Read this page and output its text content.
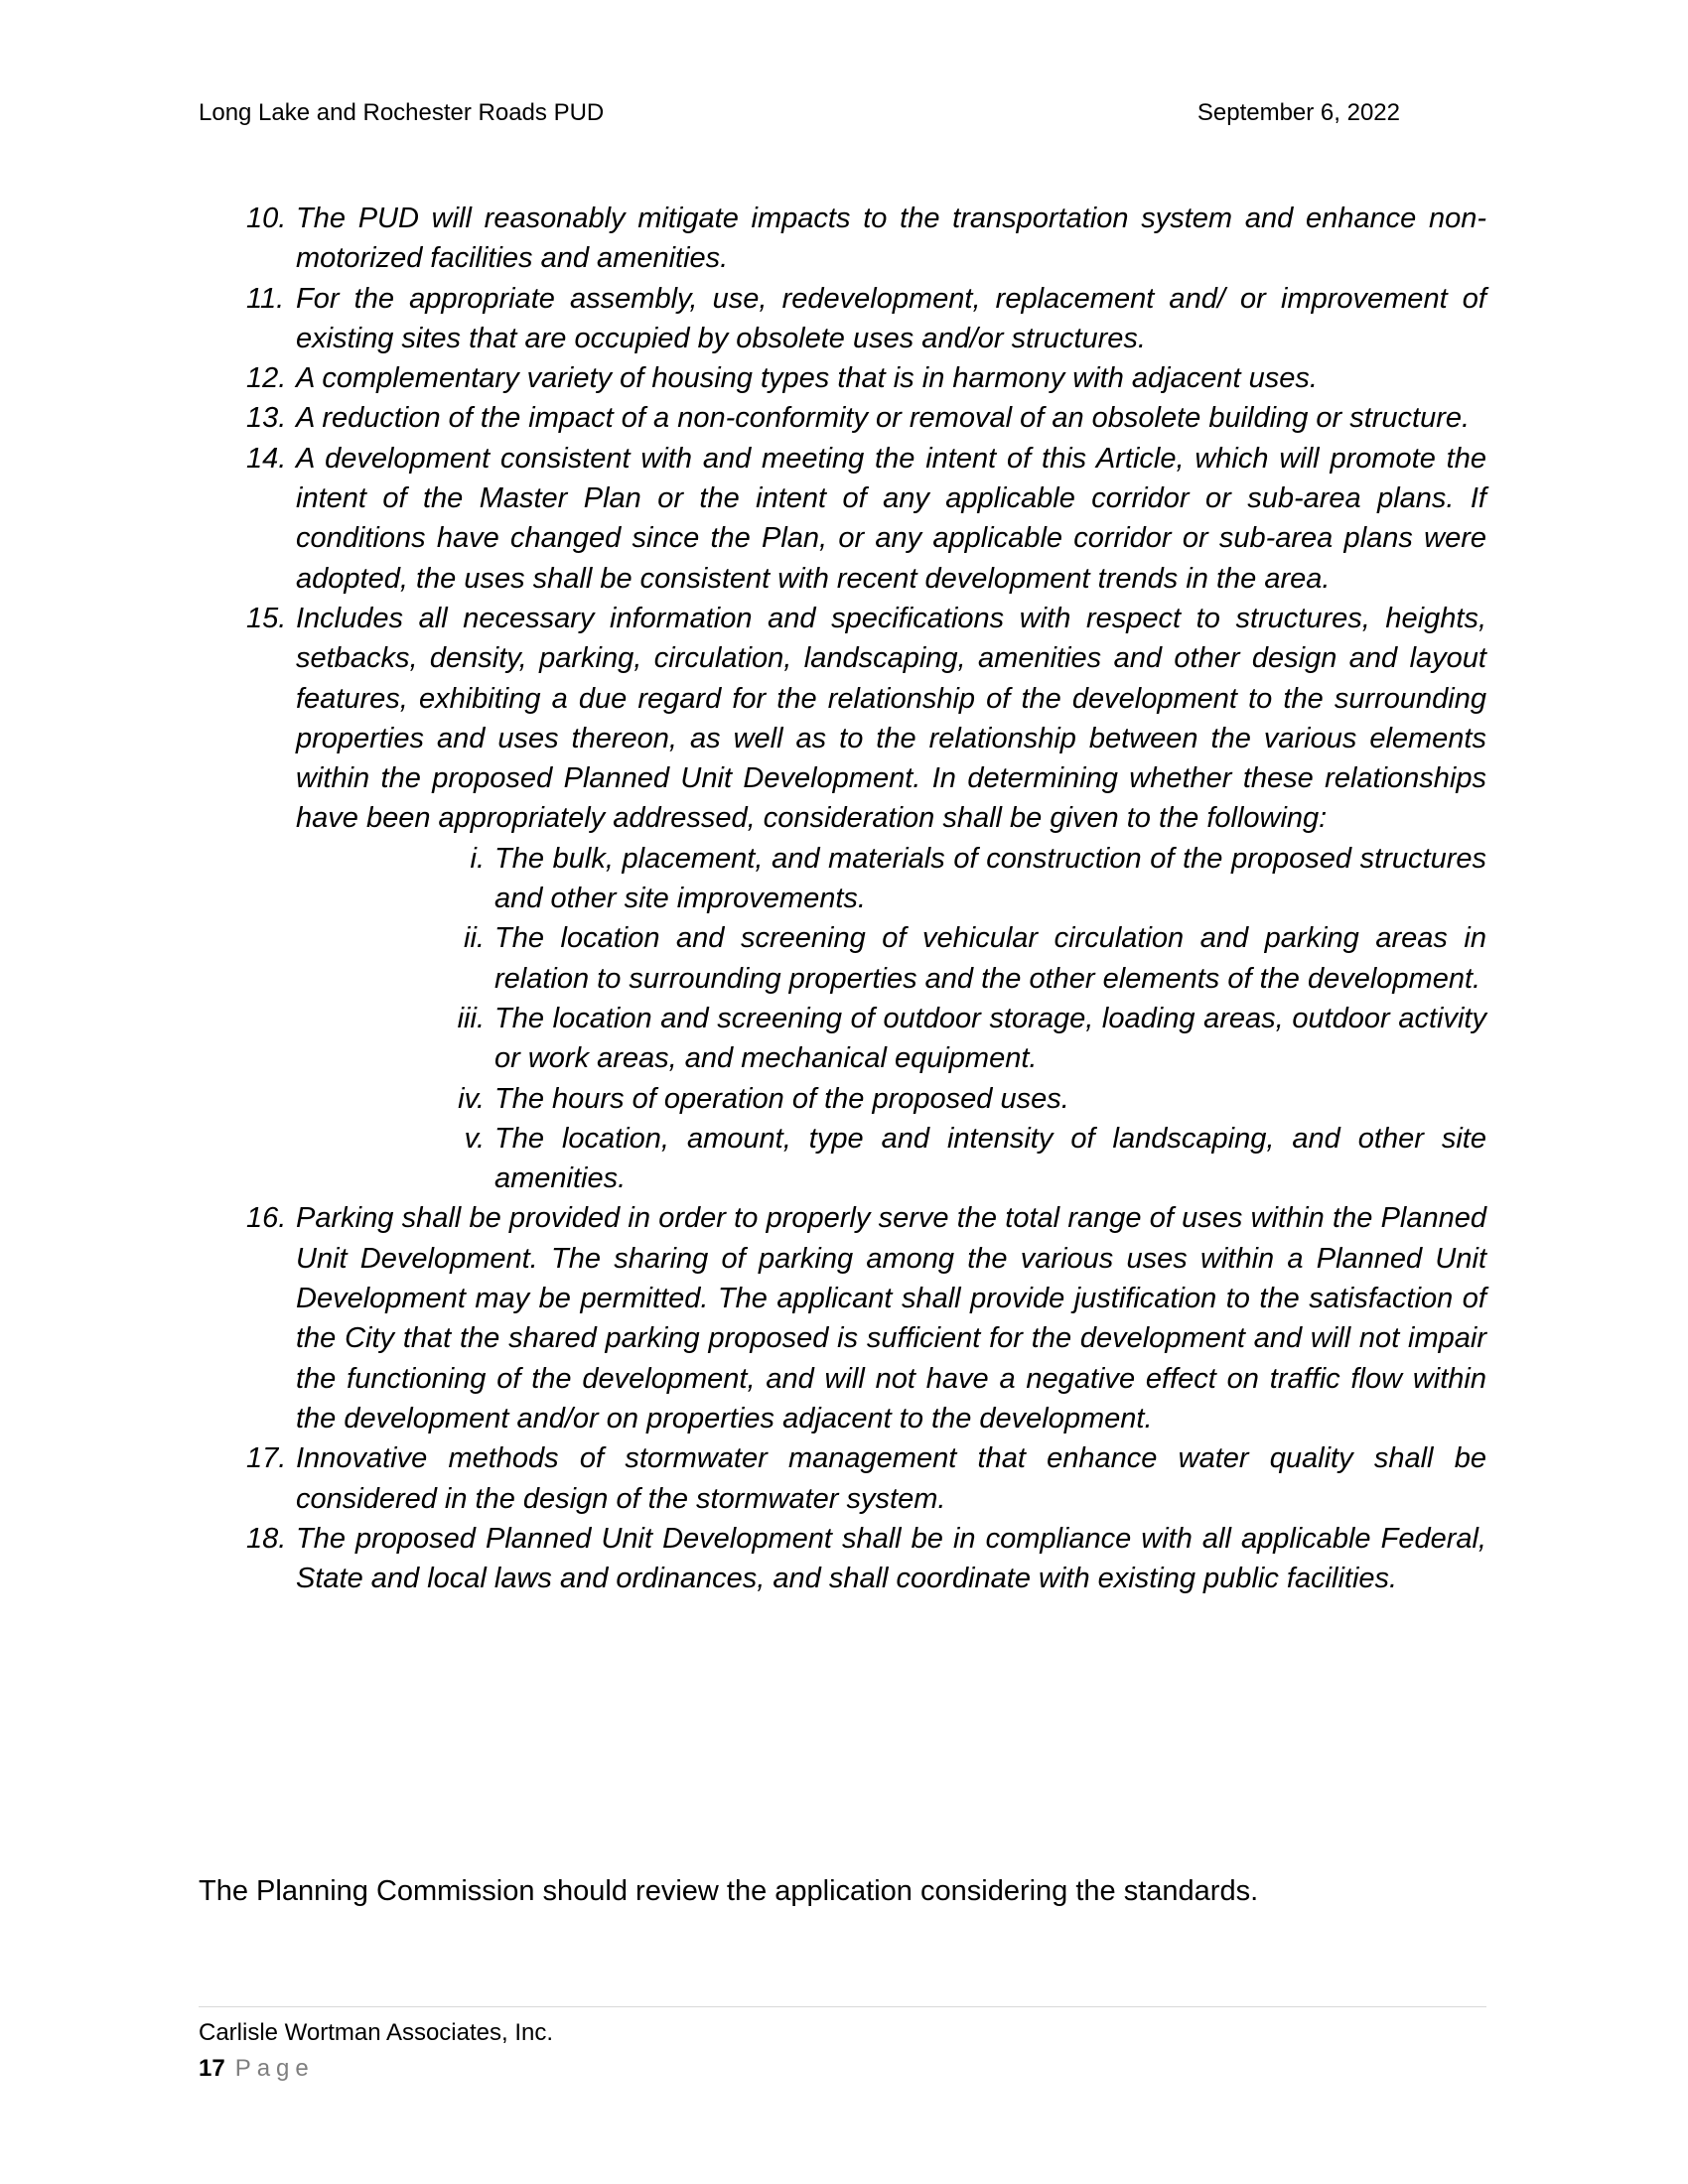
Long Lake and Rochester Roads PUD	September 6, 2022
10. The PUD will reasonably mitigate impacts to the transportation system and enhance non-motorized facilities and amenities.
11. For the appropriate assembly, use, redevelopment, replacement and/ or improvement of existing sites that are occupied by obsolete uses and/or structures.
12. A complementary variety of housing types that is in harmony with adjacent uses.
13. A reduction of the impact of a non-conformity or removal of an obsolete building or structure.
14. A development consistent with and meeting the intent of this Article, which will promote the intent of the Master Plan or the intent of any applicable corridor or sub-area plans. If conditions have changed since the Plan, or any applicable corridor or sub-area plans were adopted, the uses shall be consistent with recent development trends in the area.
15. Includes all necessary information and specifications with respect to structures, heights, setbacks, density, parking, circulation, landscaping, amenities and other design and layout features, exhibiting a due regard for the relationship of the development to the surrounding properties and uses thereon, as well as to the relationship between the various elements within the proposed Planned Unit Development. In determining whether these relationships have been appropriately addressed, consideration shall be given to the following:
i. The bulk, placement, and materials of construction of the proposed structures and other site improvements.
ii. The location and screening of vehicular circulation and parking areas in relation to surrounding properties and the other elements of the development.
iii. The location and screening of outdoor storage, loading areas, outdoor activity or work areas, and mechanical equipment.
iv. The hours of operation of the proposed uses.
v. The location, amount, type and intensity of landscaping, and other site amenities.
16. Parking shall be provided in order to properly serve the total range of uses within the Planned Unit Development. The sharing of parking among the various uses within a Planned Unit Development may be permitted. The applicant shall provide justification to the satisfaction of the City that the shared parking proposed is sufficient for the development and will not impair the functioning of the development, and will not have a negative effect on traffic flow within the development and/or on properties adjacent to the development.
17. Innovative methods of stormwater management that enhance water quality shall be considered in the design of the stormwater system.
18. The proposed Planned Unit Development shall be in compliance with all applicable Federal, State and local laws and ordinances, and shall coordinate with existing public facilities.

The Planning Commission should review the application considering the standards.

Carlisle Wortman Associates, Inc.
17 Page
